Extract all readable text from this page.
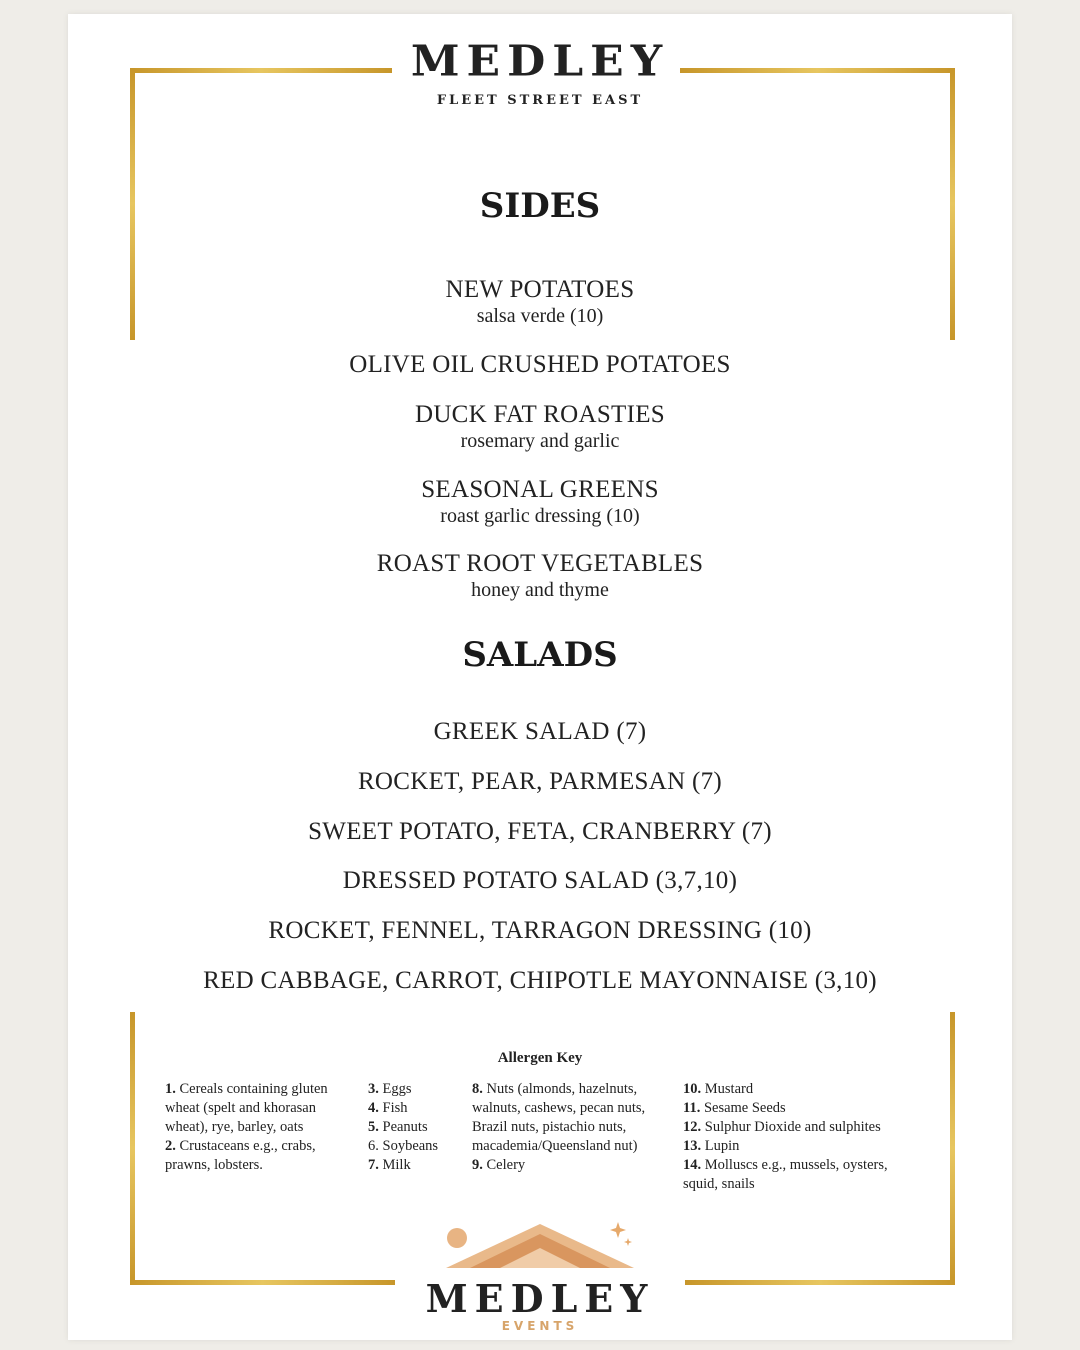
MEDLEY
FLEET STREET EAST
SIDES
NEW POTATOES
salsa verde (10)
OLIVE OIL CRUSHED POTATOES
DUCK FAT ROASTIES
rosemary and garlic
SEASONAL GREENS
roast garlic dressing (10)
ROAST ROOT VEGETABLES
honey and thyme
SALADS
GREEK SALAD (7)
ROCKET, PEAR, PARMESAN (7)
SWEET POTATO, FETA, CRANBERRY (7)
DRESSED POTATO SALAD (3,7,10)
ROCKET, FENNEL, TARRAGON DRESSING (10)
RED CABBAGE, CARROT, CHIPOTLE MAYONNAISE (3,10)
Allergen Key
1. Cereals containing gluten
wheat (spelt and khorasan
wheat), rye, barley, oats
2. Crustaceans e.g., crabs,
prawns, lobsters.
3. Eggs
4. Fish
5. Peanuts
6. Soybeans
7. Milk
8. Nuts (almonds, hazelnuts,
walnuts, cashews, pecan nuts,
Brazil nuts, pistachio nuts,
macademia/Queensland nut)
9. Celery
10. Mustard
11. Sesame Seeds
12. Sulphur Dioxide and sulphites
13. Lupin
14. Molluscs e.g., mussels, oysters,
squid, snails
MEDLEY
EVENTS
